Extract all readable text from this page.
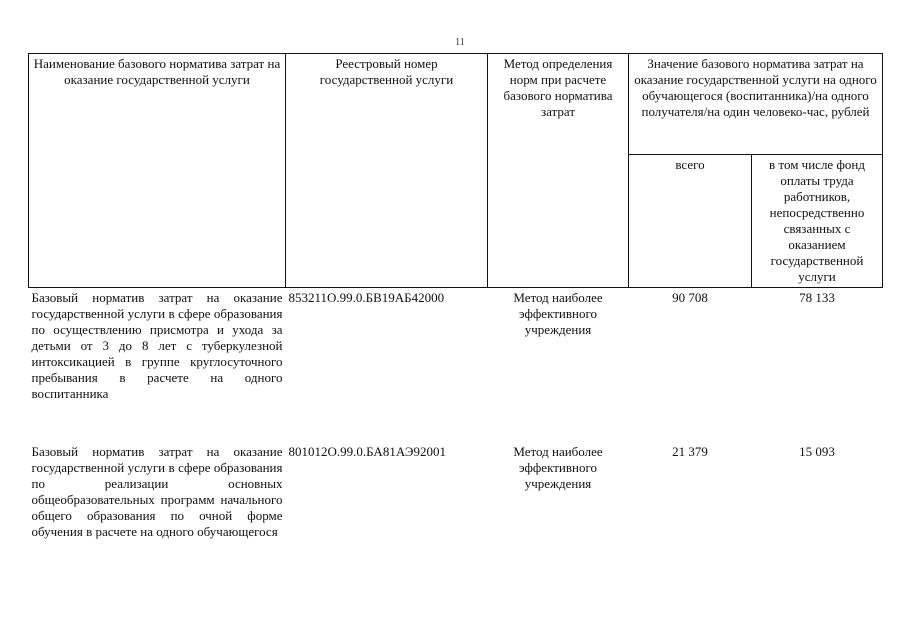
11
Наименование базового норматива затрат на оказание государственной услуги	Реестровый номер государственной услуги	Метод определения норм при расчете базового норматива затрат	Значение базового норматива затрат на оказание государственной услуги на одного обучающегося (воспитанника)/на одного получателя/на один человеко-час, рублей	
			всего	в том числе фонд оплаты труда работников, непосредственно связанных с оказанием государственной услуги
Базовый норматив затрат на оказание государственной услуги в сфере образования по осуществлению присмотра и ухода за детьми от 3 до 8 лет с туберкулезной интоксикацией в группе круглосуточного пребывания в расчете на одного воспитанника	853211О.99.0.БВ19АБ42000	Метод наиболее эффективного учреждения	90 708	78 133
Базовый норматив затрат на оказание государственной услуги в сфере образования по реализации основных общеобразовательных программ начального общего образования по очной форме обучения в расчете на одного обучающегося	801012О.99.0.БА81АЭ92001	Метод наиболее эффективного учреждения	21 379	15 093
